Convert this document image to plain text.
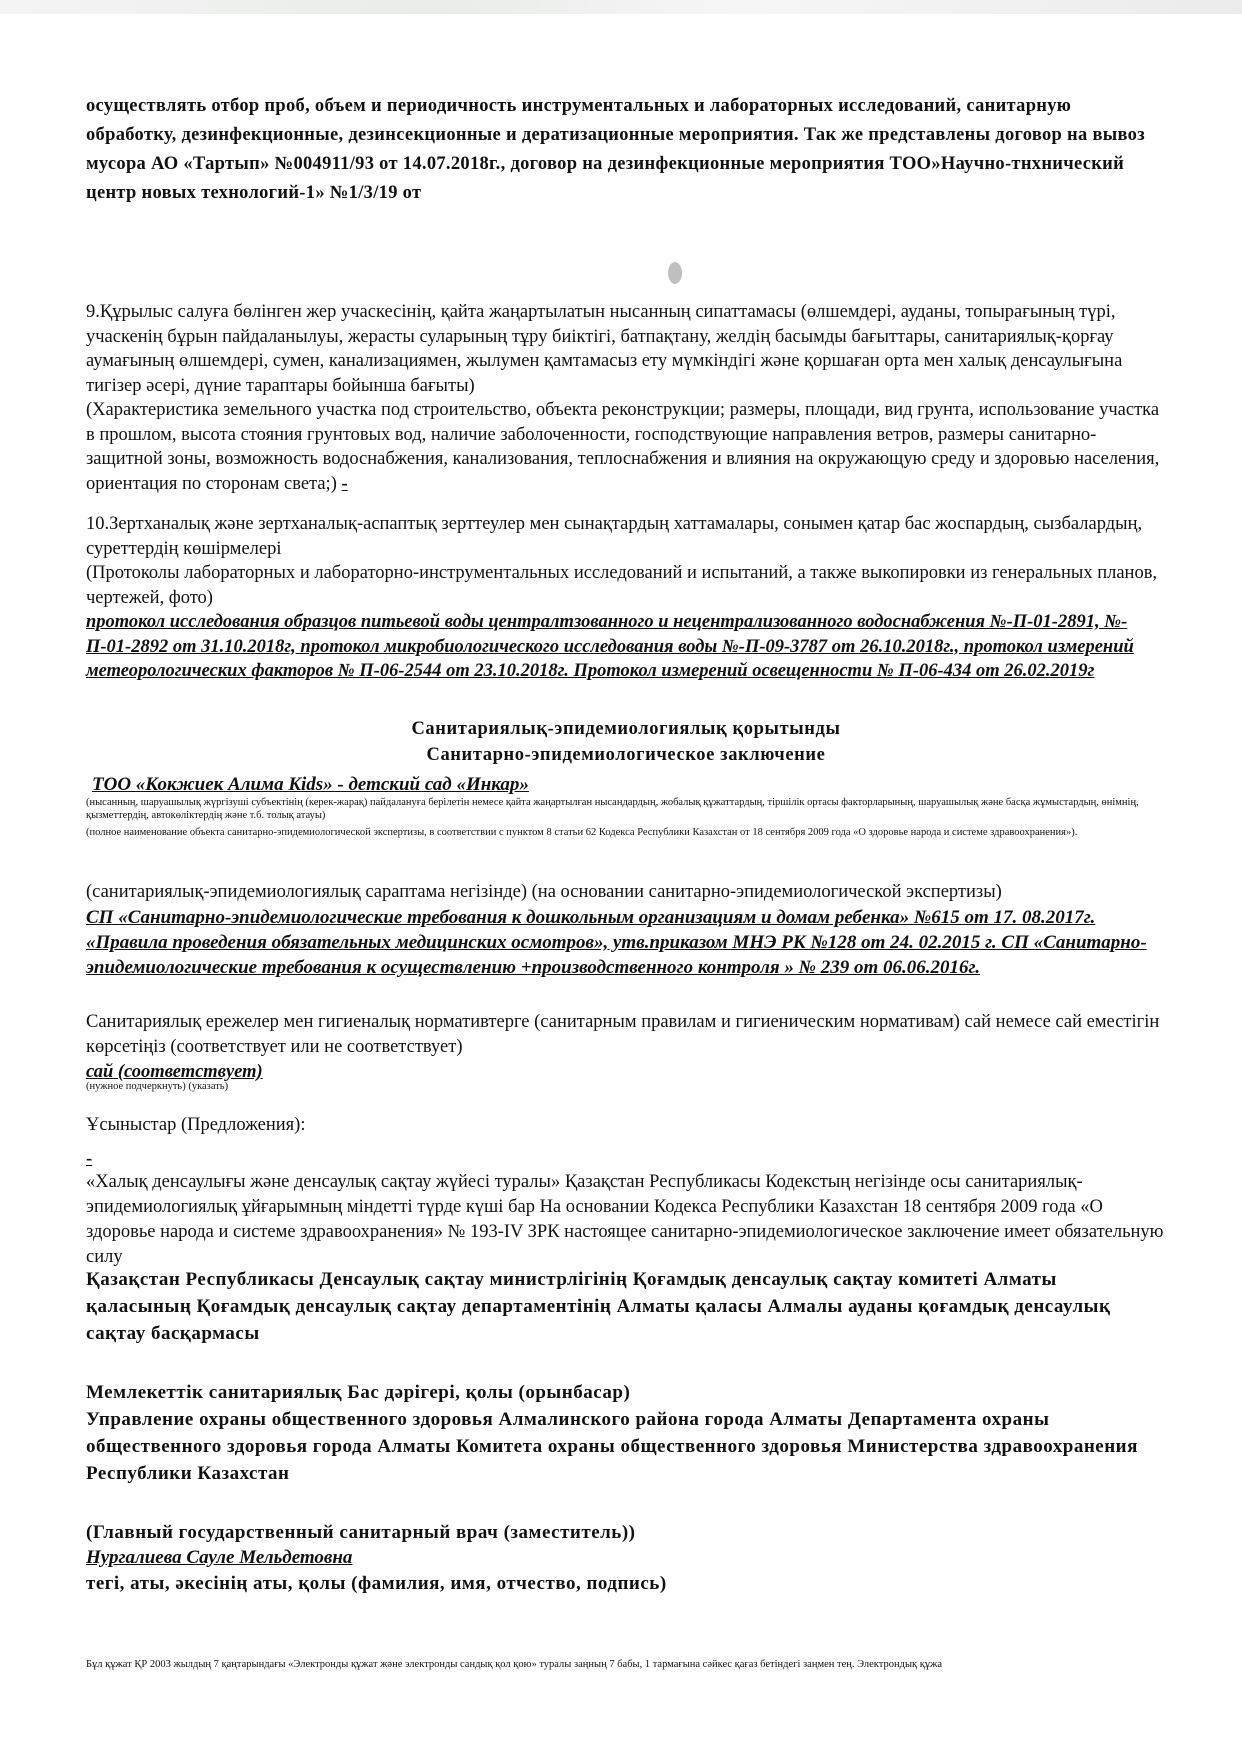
осуществлять отбор проб, объем и периодичность инструментальных и лабораторных исследований, санитарную обработку, дезинфекционные, дезинсекционные и дератизационные мероприятия. Так же представлены договор на вывоз мусора АО «Тартып» №004911/93 от 14.07.2018г., договор на дезинфекционные мероприятия ТОО»Научно-тнхнический центр новых технологий-1» №1/3/19 от

9.Құрылыс салуға бөлінген жер учаскесінің, қайта жаңартылатын нысанның сипаттамасы (өлшемдері, ауданы, топырағының түрі, учаскенің бұрын пайдаланылуы, жерасты суларының тұру биіктігі, батпақтану, желдің басымды бағыттары, санитариялық-қорғау аумағының өлшемдері, сумен, канализациямен, жылумен қамтамасыз ету мүмкіндігі және қоршаған орта мен халық денсаулығына тигізер әсері, дүние тараптары бойынша бағыты)

(Характеристика земельного участка под строительство, объекта реконструкции; размеры, площади, вид грунта, использование участка в прошлом, высота стояния грунтовых вод, наличие заболоченности, господствующие направления ветров, размеры санитарно-защитной зоны, возможность водоснабжения, канализования, теплоснабжения и влияния на окружающую среду и здоровью населения, ориентация по сторонам света;) -

10.Зертханалық және зертханалық-аспаптық зерттеулер мен сынақтардың хаттамалары, сонымен қатар бас жоспардың, сызбалардың, суреттердің көшірмелері

(Протоколы лабораторных и лабораторно-инструментальных исследований и испытаний, а также выкопировки из генеральных планов, чертежей, фото)

протокол исследования образцов питьевой воды централтзованного и нецентрализованного водоснабжения №-П-01-2891, №-П-01-2892 от 31.10.2018г, протокол микробиологического исследования воды №-П-09-3787 от 26.10.2018г., протокол измерений метеорологических факторов № П-06-2544 от 23.10.2018г. Протокол измерений освещенности № П-06-434 от 26.02.2019г

Санитариялық-эпидемиологиялық қорытынды

Санитарно-эпидемиологическое заключение

ТОО «Кокжиек Алима Kids» - детский сад «Инкар»

(нысанның, шаруашылық жүргізуші субъектінің (керек-жарақ) пайдалануға берілетін немесе қайта жаңартылған нысандардың, жобалық құжаттардың, тіршілік ортасы факторларының, шаруашылық және басқа жұмыстардың, өнімнің, қызметтердің, автокөліктердің және т.б. толық атауы)

(полное наименование объекта санитарно-эпидемиологической экспертизы, в соответствии с пунктом 8 статьи 62 Кодекса Республики Казахстан от 18 сентября 2009 года «О здоровье народа и системе здравоохранения»).

(санитариялық-эпидемиологиялық сараптама негізінде) (на основании санитарно-эпидемиологической экспертизы)

СП «Санитарно-эпидемиологические требования к дошкольным организациям и домам ребенка» №615 от 17. 08.2017г. «Правила проведения обязательных медицинских осмотров», утв.приказом МНЭ РК №128 от 24. 02.2015 г. СП «Санитарно-эпидемиологические требования к осуществлению +производственного контроля » № 239 от 06.06.2016г.

Санитариялық ережелер мен гигиеналық нормативтерге (санитарным правилам и гигиеническим нормативам) сай немесе сай еместігін көрсетіңіз (соответствует или не соответствует)

сай (соответствует)

(нужное подчеркнуть) (указать)

Ұсыныстар (Предложения):

-

«Халық денсаулығы және денсаулық сақтау жүйесі туралы» Қазақстан Республикасы Кодекстың негізінде осы санитариялық-эпидемиологиялық ұйғарымның міндетті түрде күші бар На основании Кодекса Республики Казахстан 18 сентября 2009 года «О здоровье народа и системе здравоохранения» № 193-IV ЗРК настоящее санитарно-эпидемиологическое заключение имеет обязательную силу

Қазақстан Республикасы Денсаулық сақтау министрлігінің Қоғамдық денсаулық сақтау комитеті Алматы қаласының Қоғамдық денсаулық сақтау департаментінің Алматы қаласы Алмалы ауданы қоғамдық денсаулық сақтау басқармасы

Мемлекеттік санитариялық Бас дәрігері, қолы (орынбасар)

Управление охраны общественного здоровья Алмалинского района города Алматы Департамента охраны общественного здоровья города Алматы Комитета охраны общественного здоровья Министерства здравоохранения Республики Казахстан

(Главный государственный санитарный врач (заместитель))

Нургалиева Сауле Мельдетовна

тегі, аты, әкесінің аты, қолы (фамилия, имя, отчество, подпись)

Бұл құжат ҚР 2003 жылдың 7 қаңтарындағы «Электронды құжат және электронды сандық қол қою» туралы заңның 7 бабы, 1 тармағына сәйкес қағаз бетіндегі заңмен тең. Электрондық құжа
